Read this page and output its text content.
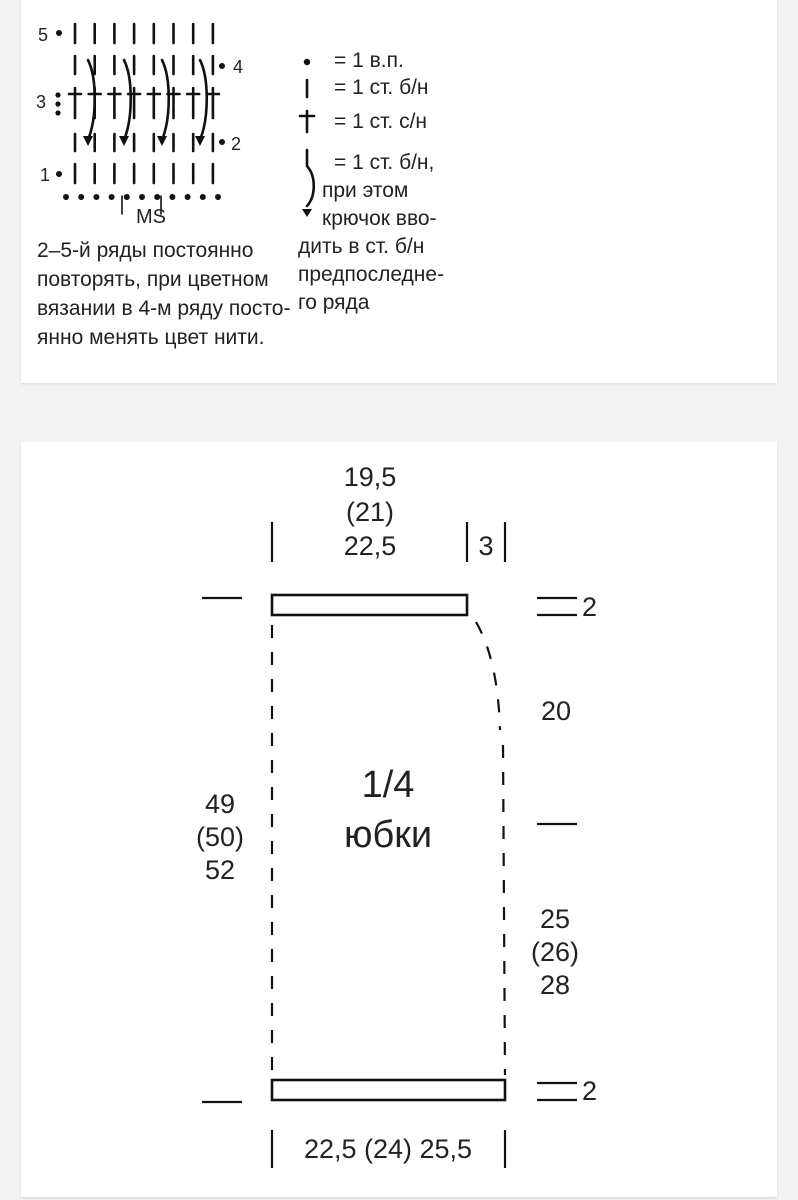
5
4
3
2
1
MS
2–5-й ряды постоянно
повторять, при цветном
вязании в 4-м ряду посто-
янно менять цвет нити.
= 1 в.п.
= 1 ст. б/н
= 1 ст. с/н
= 1 ст. б/н,
при этом
крючок вво-
дить в ст. б/н
предпоследне-
го ряда
19,5
(21)
22,5	3
2
20
49
(50)
52
25
(26)
28
2
22,5 (24) 25,5
1/4
юбки
